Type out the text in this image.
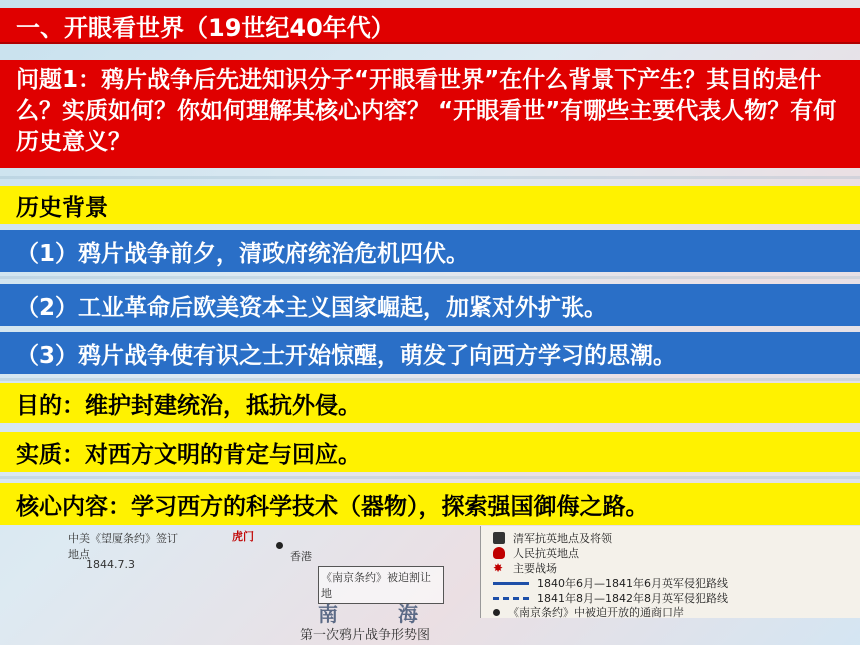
一、开眼看世界（19世纪40年代）
问题1：鸦片战争后先进知识分子“开眼看世界”在什么背景下产生？其目的是什么？实质如何？你如何理解其核心内容？ “开眼看世”有哪些主要代表人物？有何历史意义？
历史背景
（1）鸦片战争前夕，清政府统治危机四伏。
（2）工业革命后欧美资本主义国家崛起，加紧对外扩张。
（3）鸦片战争使有识之士开始惊醒，萌发了向西方学习的思潮。
目的：维护封建统治，抵抗外侵。
实质：对西方文明的肯定与回应。
核心内容：学习西方的科学技术（器物），探索强国御侮之路。
虎门
香港
《南京条约》被迫割让地
1844.7.3
中美《望厦条约》签订地点
南	海
清军抗英地点及将领
人民抗英地点
✸ 主要战场
1840年6月—1841年6月英军侵犯路线
1841年8月—1842年8月英军侵犯路线
《南京条约》中被迫开放的通商口岸
第一次鸦片战争形势图
